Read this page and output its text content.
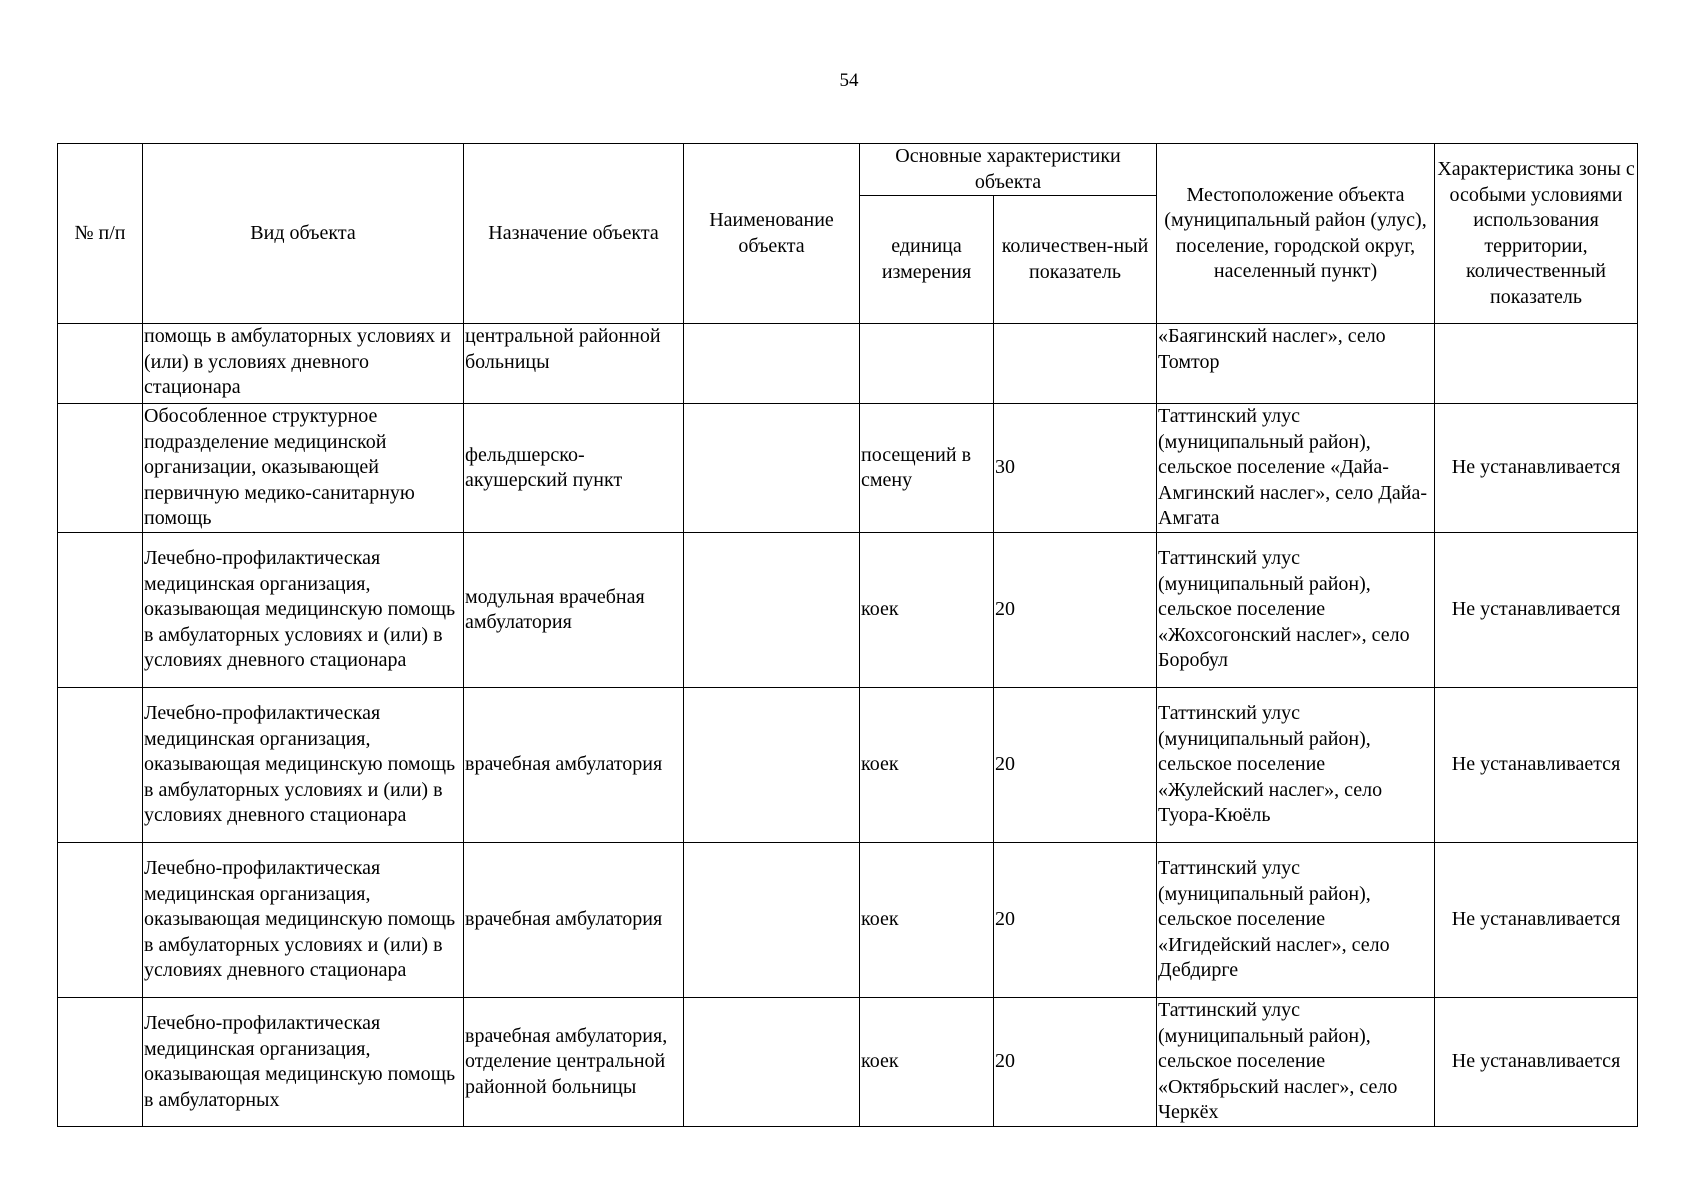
54
№ п/п	Вид объекта	Назначение объекта	Наименование объекта	Основные характеристики объекта		Местоположение объекта (муниципальный район (улус), поселение, городской округ, населенный пункт)	Характеристика зоны с особыми условиями использования территории, количественный показатель
				единица измерения	количествен-ный показатель		
	помощь в амбулаторных условиях и (или) в условиях дневного стационара	центральной районной больницы				«Баягинский наслег», село Томтор	
	Обособленное структурное подразделение медицинской организации, оказывающей первичную медико-санитарную помощь	фельдшерско-акушерский пункт		посещений в смену	30	Таттинский улус (муниципальный район), сельское поселение «Дайа-Амгинский наслег», село Дайа-Амгата	Не устанавливается
	Лечебно-профилактическая медицинская организация, оказывающая медицинскую помощь в амбулаторных условиях и (или) в условиях дневного стационара	модульная врачебная амбулатория		коек	20	Таттинский улус (муниципальный район), сельское поселение «Жохсогонский наслег», село Боробул	Не устанавливается
	Лечебно-профилактическая медицинская организация, оказывающая медицинскую помощь в амбулаторных условиях и (или) в условиях дневного стационара	врачебная амбулатория		коек	20	Таттинский улус (муниципальный район), сельское поселение «Жулейский наслег», село Туора-Кюёль	Не устанавливается
	Лечебно-профилактическая медицинская организация, оказывающая медицинскую помощь в амбулаторных условиях и (или) в условиях дневного стационара	врачебная амбулатория		коек	20	Таттинский улус (муниципальный район), сельское поселение «Игидейский наслег», село Дебдирге	Не устанавливается
	Лечебно-профилактическая медицинская организация, оказывающая медицинскую помощь в амбулаторных	врачебная амбулатория, отделение центральной районной больницы		коек	20	Таттинский улус (муниципальный район), сельское поселение «Октябрьский наслег», село Черкёх	Не устанавливается
